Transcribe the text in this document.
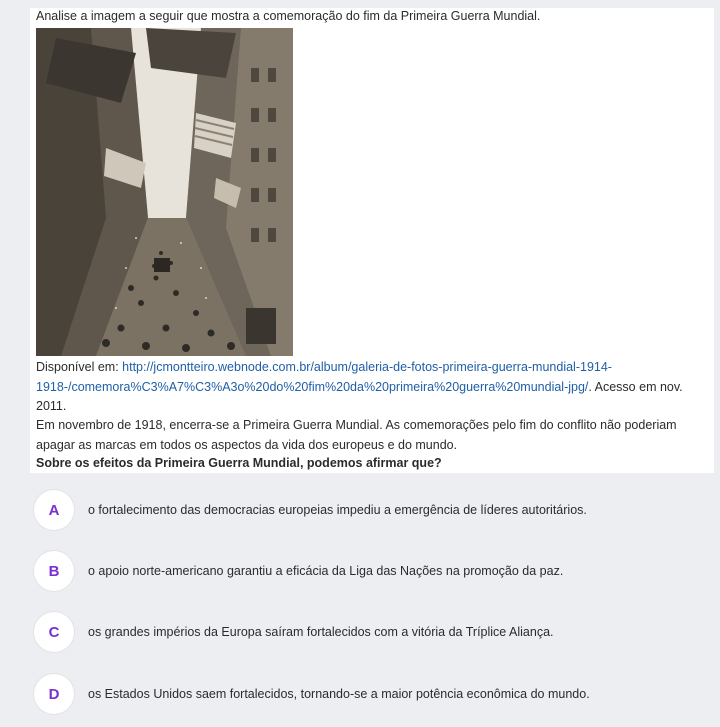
Analise a imagem a seguir que mostra a comemoração do fim da Primeira Guerra Mundial.
Disponível em: http://jcmontteiro.webnode.com.br/album/galeria-de-fotos-primeira-guerra-mundial-1914-1918-/comemora%C3%A7%C3%A3o%20do%20fim%20da%20primeira%20guerra%20mundial-jpg/. Acesso em nov. 2011.
Em novembro de 1918, encerra-se a Primeira Guerra Mundial. As comemorações pelo fim do conflito não poderiam apagar as marcas em todos os aspectos da vida dos europeus e do mundo.
Sobre os efeitos da Primeira Guerra Mundial, podemos afirmar que?
A	o fortalecimento das democracias europeias impediu a emergência de líderes autoritários.
B	o apoio norte-americano garantiu a eficácia da Liga das Nações na promoção da paz.
C	os grandes impérios da Europa saíram fortalecidos com a vitória da Tríplice Aliança.
D	os Estados Unidos saem fortalecidos, tornando-se a maior potência econômica do mundo.
